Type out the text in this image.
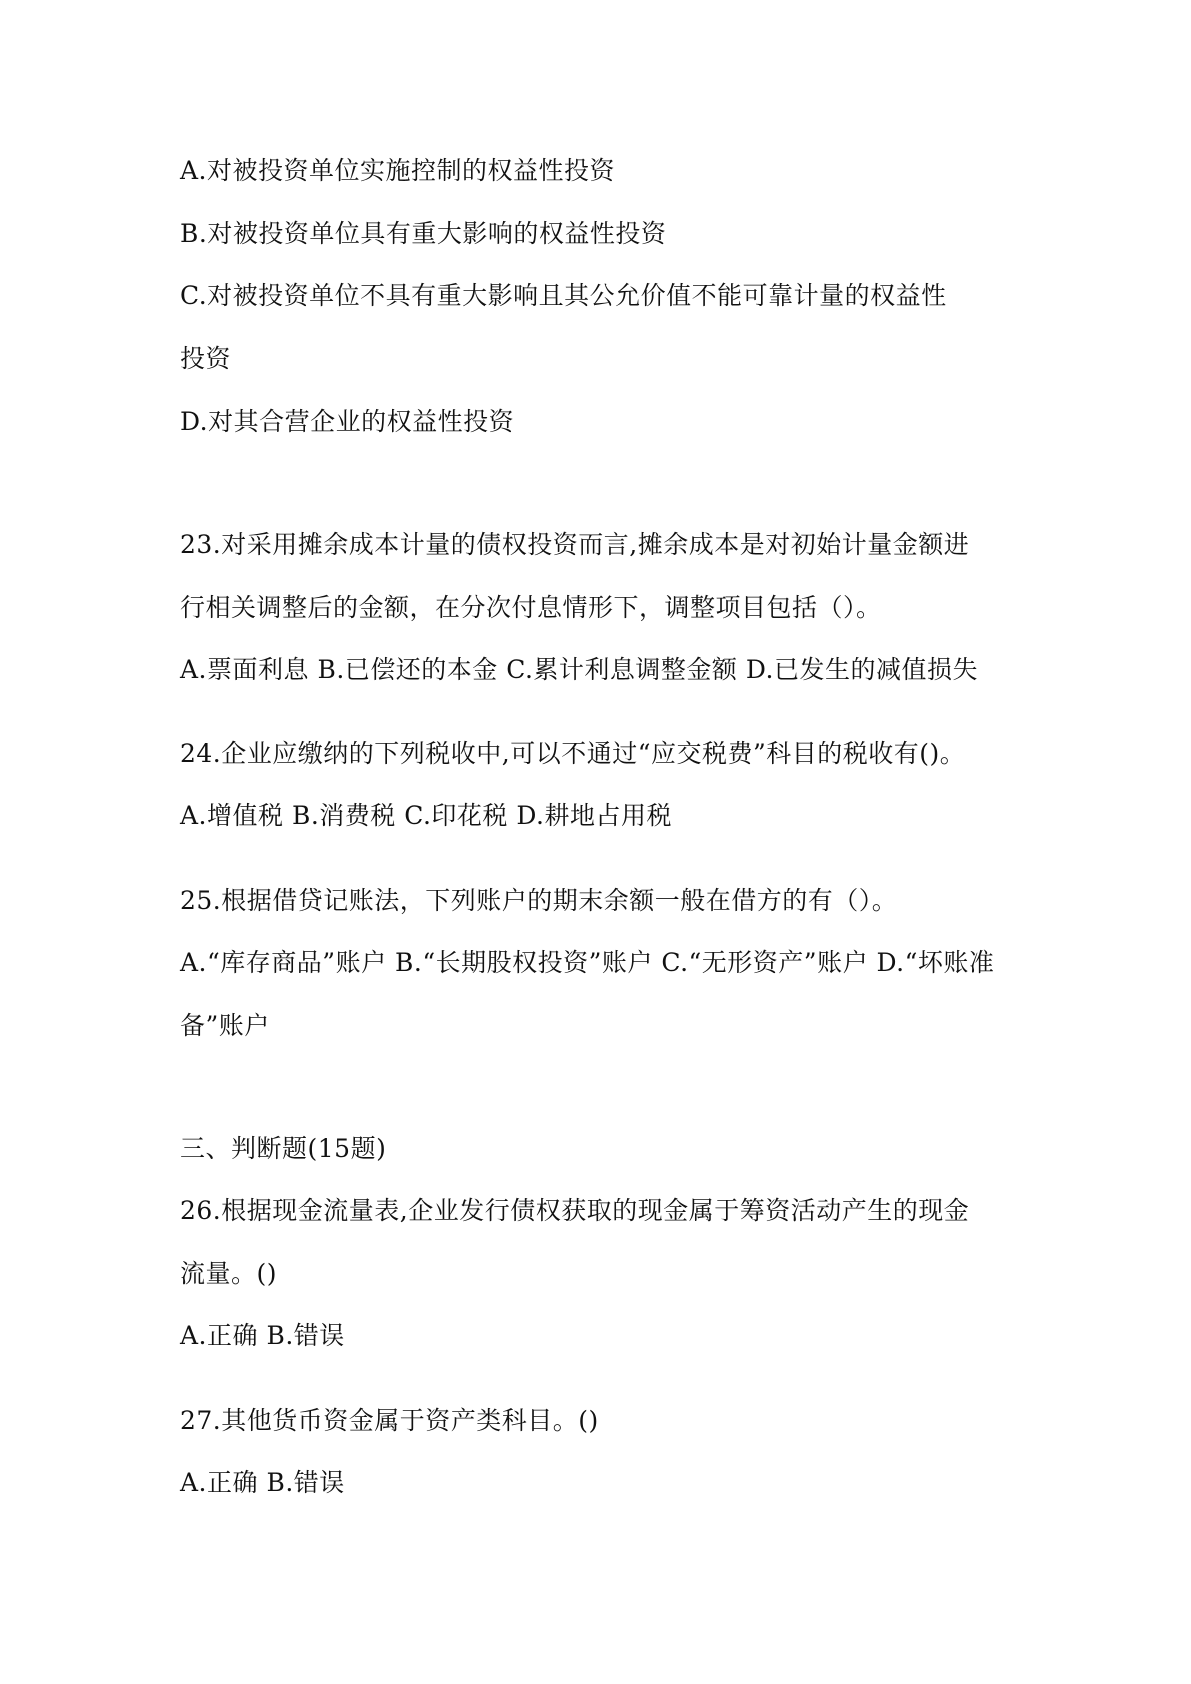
A.对被投资单位实施控制的权益性投资
B.对被投资单位具有重大影响的权益性投资
C.对被投资单位不具有重大影响且其公允价值不能可靠计量的权益性
投资
D.对其合营企业的权益性投资
23.对采用摊余成本计量的债权投资而言,摊余成本是对初始计量金额进
行相关调整后的金额，在分次付息情形下，调整项目包括（）。
A.票面利息 B.已偿还的本金 C.累计利息调整金额 D.已发生的减值损失
24.企业应缴纳的下列税收中,可以不通过“应交税费”科目的税收有()。
A.增值税 B.消费税 C.印花税 D.耕地占用税
25.根据借贷记账法，下列账户的期末余额一般在借方的有（）。
A.“库存商品”账户 B.“长期股权投资”账户 C.“无形资产”账户 D.“坏账准
备”账户
三、判断题(15题)
26.根据现金流量表,企业发行债权获取的现金属于筹资活动产生的现金
流量。()
A.正确 B.错误
27.其他货币资金属于资产类科目。()
A.正确 B.错误
